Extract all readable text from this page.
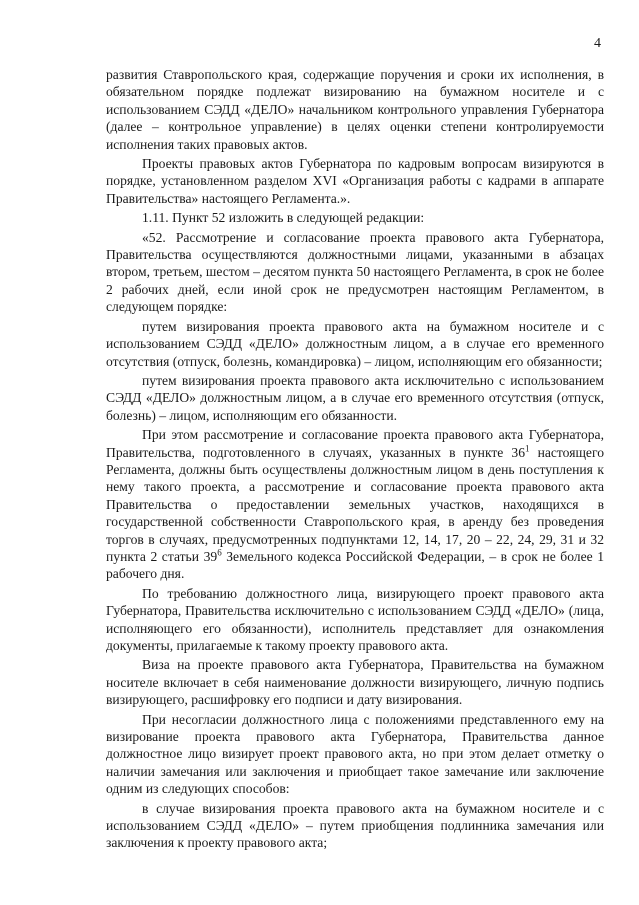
4

развития Ставропольского края, содержащие поручения и сроки их исполнения, в обязательном порядке подлежат визированию на бумажном носителе и с использованием СЭДД «ДЕЛО» начальником контрольного управления Губернатора (далее – контрольное управление) в целях оценки степени контролируемости исполнения таких правовых актов.

Проекты правовых актов Губернатора по кадровым вопросам визируются в порядке, установленном разделом XVI «Организация работы с кадрами в аппарате Правительства» настоящего Регламента.».

1.11. Пункт 52 изложить в следующей редакции:

«52. Рассмотрение и согласование проекта правового акта Губернатора, Правительства осуществляются должностными лицами, указанными в абзацах втором, третьем, шестом – десятом пункта 50 настоящего Регламента, в срок не более 2 рабочих дней, если иной срок не предусмотрен настоящим Регламентом, в следующем порядке:

путем визирования проекта правового акта на бумажном носителе и с использованием СЭДД «ДЕЛО» должностным лицом, а в случае его временного отсутствия (отпуск, болезнь, командировка) – лицом, исполняющим его обязанности;

путем визирования проекта правового акта исключительно с использованием СЭДД «ДЕЛО» должностным лицом, а в случае его временного отсутствия (отпуск, болезнь) – лицом, исполняющим его обязанности.

При этом рассмотрение и согласование проекта правового акта Губернатора, Правительства, подготовленного в случаях, указанных в пункте $36^1$ настоящего Регламента, должны быть осуществлены должностным лицом в день поступления к нему такого проекта, а рассмотрение и согласование проекта правового акта Правительства о предоставлении земельных участков, находящихся в государственной собственности Ставропольского края, в аренду без проведения торгов в случаях, предусмотренных подпунктами 12, 14, 17, 20 – 22, 24, 29, 31 и 32 пункта 2 статьи $39^6$ Земельного кодекса Российской Федерации, – в срок не более 1 рабочего дня.

По требованию должностного лица, визирующего проект правового акта Губернатора, Правительства исключительно с использованием СЭДД «ДЕЛО» (лица, исполняющего его обязанности), исполнитель представляет для ознакомления документы, прилагаемые к такому проекту правового акта.

Виза на проекте правового акта Губернатора, Правительства на бумажном носителе включает в себя наименование должности визирующего, личную подпись визирующего, расшифровку его подписи и дату визирования.

При несогласии должностного лица с положениями представленного ему на визирование проекта правового акта Губернатора, Правительства данное должностное лицо визирует проект правового акта, но при этом делает отметку о наличии замечания или заключения и приобщает такое замечание или заключение одним из следующих способов:

в случае визирования проекта правового акта на бумажном носителе и с использованием СЭДД «ДЕЛО» – путем приобщения подлинника замечания или заключения к проекту правового акта;
